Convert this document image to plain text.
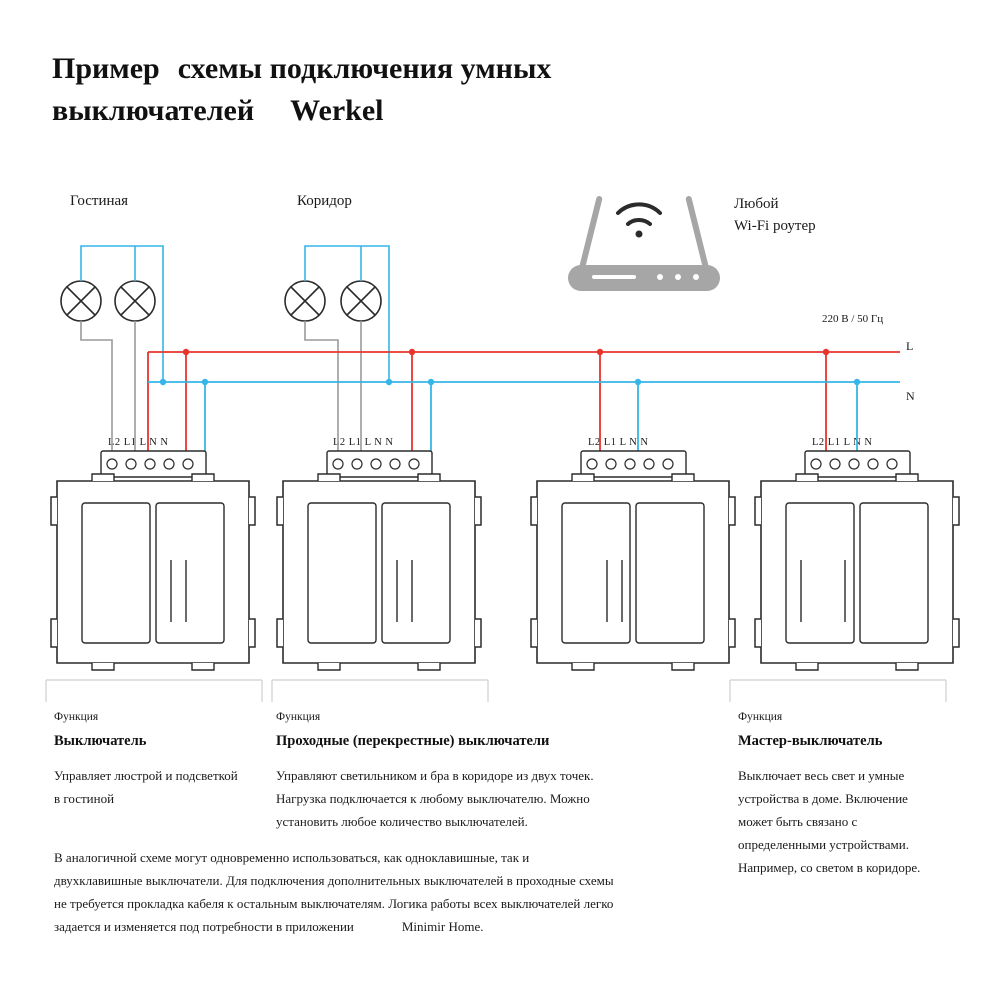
Пример схемы подключения умных
выключателей Werkel
Гостиная	Коридор	Любой
Wi-Fi роутер
220 В / 50 Гц
L
N
L2 L1 L N N	L2 L1 L N N	L2 L1 L N N	L2 L1 L N N
Функция
Выключатель
Управляет люстрой и подсветкой в гостиной
Функция
Проходные (перекрестные) выключатели
Управляют светильником и бра в коридоре из двух точек. Нагрузка подключается к любому выключателю. Можно установить любое количество выключателей.
Функция
Мастер-выключатель
Выключает весь свет и умные устройства в доме. Включение может быть связано с определенными устройствами. Например, со светом в коридоре.
В аналогичной схеме могут одновременно использоваться, как одноклавишные, так и двухклавишные выключатели. Для подключения дополнительных выключателей в проходные схемы не требуется прокладка кабеля к остальным выключателям. Логика работы всех выключателей легко задается и изменяется под потребности в приложении	Minimir Home.
